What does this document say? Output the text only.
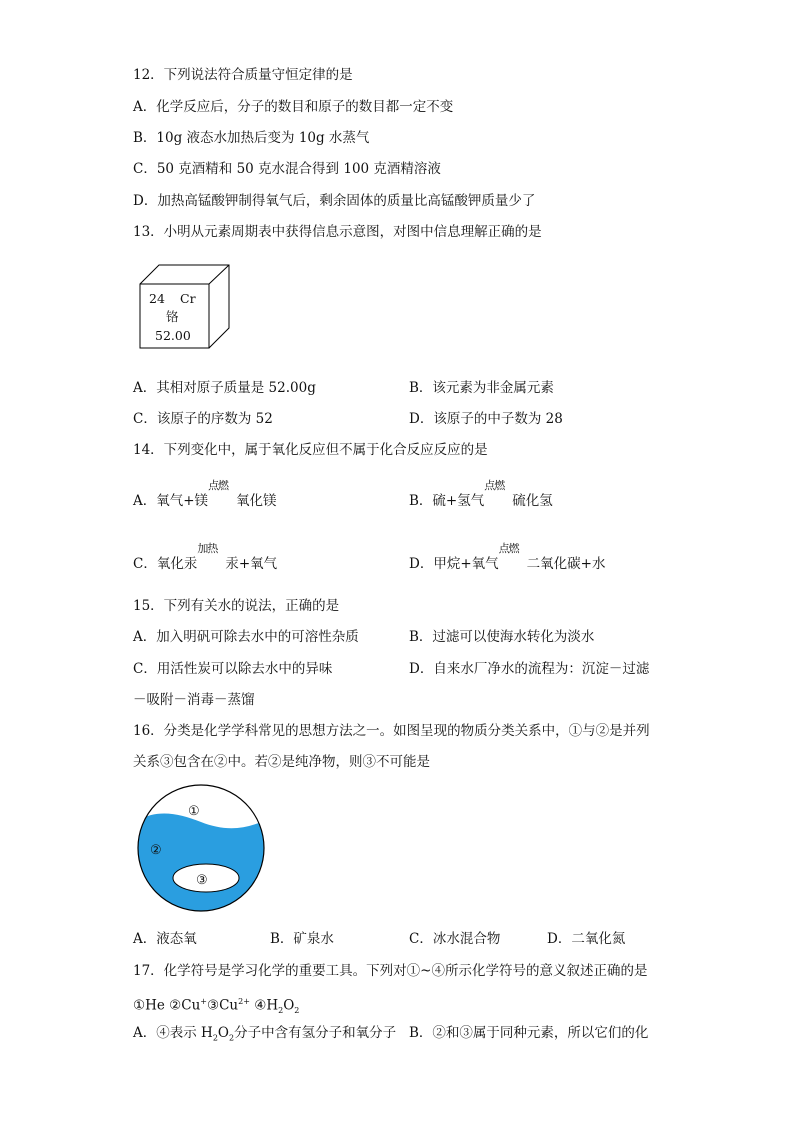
12．下列说法符合质量守恒定律的是
A．化学反应后，分子的数目和原子的数目都一定不变
B．10g 液态水加热后变为 10g 水蒸气
C．50 克酒精和 50 克水混合得到 100 克酒精溶液
D．加热高锰酸钾制得氧气后，剩余固体的质量比高锰酸钾质量少了
13．小明从元素周期表中获得信息示意图，对图中信息理解正确的是
24 Cr
铬
52.00
A．其相对原子质量是 52.00g	B．该元素为非金属元素
C．该原子的序数为 52	D．该原子的中子数为 28
14．下列变化中，属于氧化反应但不属于化合反应反应的是
A．氧气+镁
点燃
氧化镁	B．硫+氢气
点燃
硫化氢
C．氧化汞
加热
汞+氧气	D．甲烷+氧气
点燃
二氧化碳+水
15．下列有关水的说法，正确的是
A．加入明矾可除去水中的可溶性杂质	B．过滤可以使海水转化为淡水
C．用活性炭可以除去水中的异味	D．自来水厂净水的流程为：沉淀－过滤
－吸附－消毒－蒸馏
16．分类是化学学科常见的思想方法之一。如图呈现的物质分类关系中，①与②是并列
关系③包含在②中。若②是纯净物，则③不可能是
①
②
③
A．液态氧	B．矿泉水	C．冰水混合物	D．二氧化氮
17．化学符号是学习化学的重要工具。下列对①~④所示化学符号的意义叙述正确的是
①He $②Cu^+③Cu^{2+}$ $④H_2O_2$
A．④表示 $H_2O_2$分子中含有氢分子和氧分子 B．②和③属于同种元素，所以它们的化
